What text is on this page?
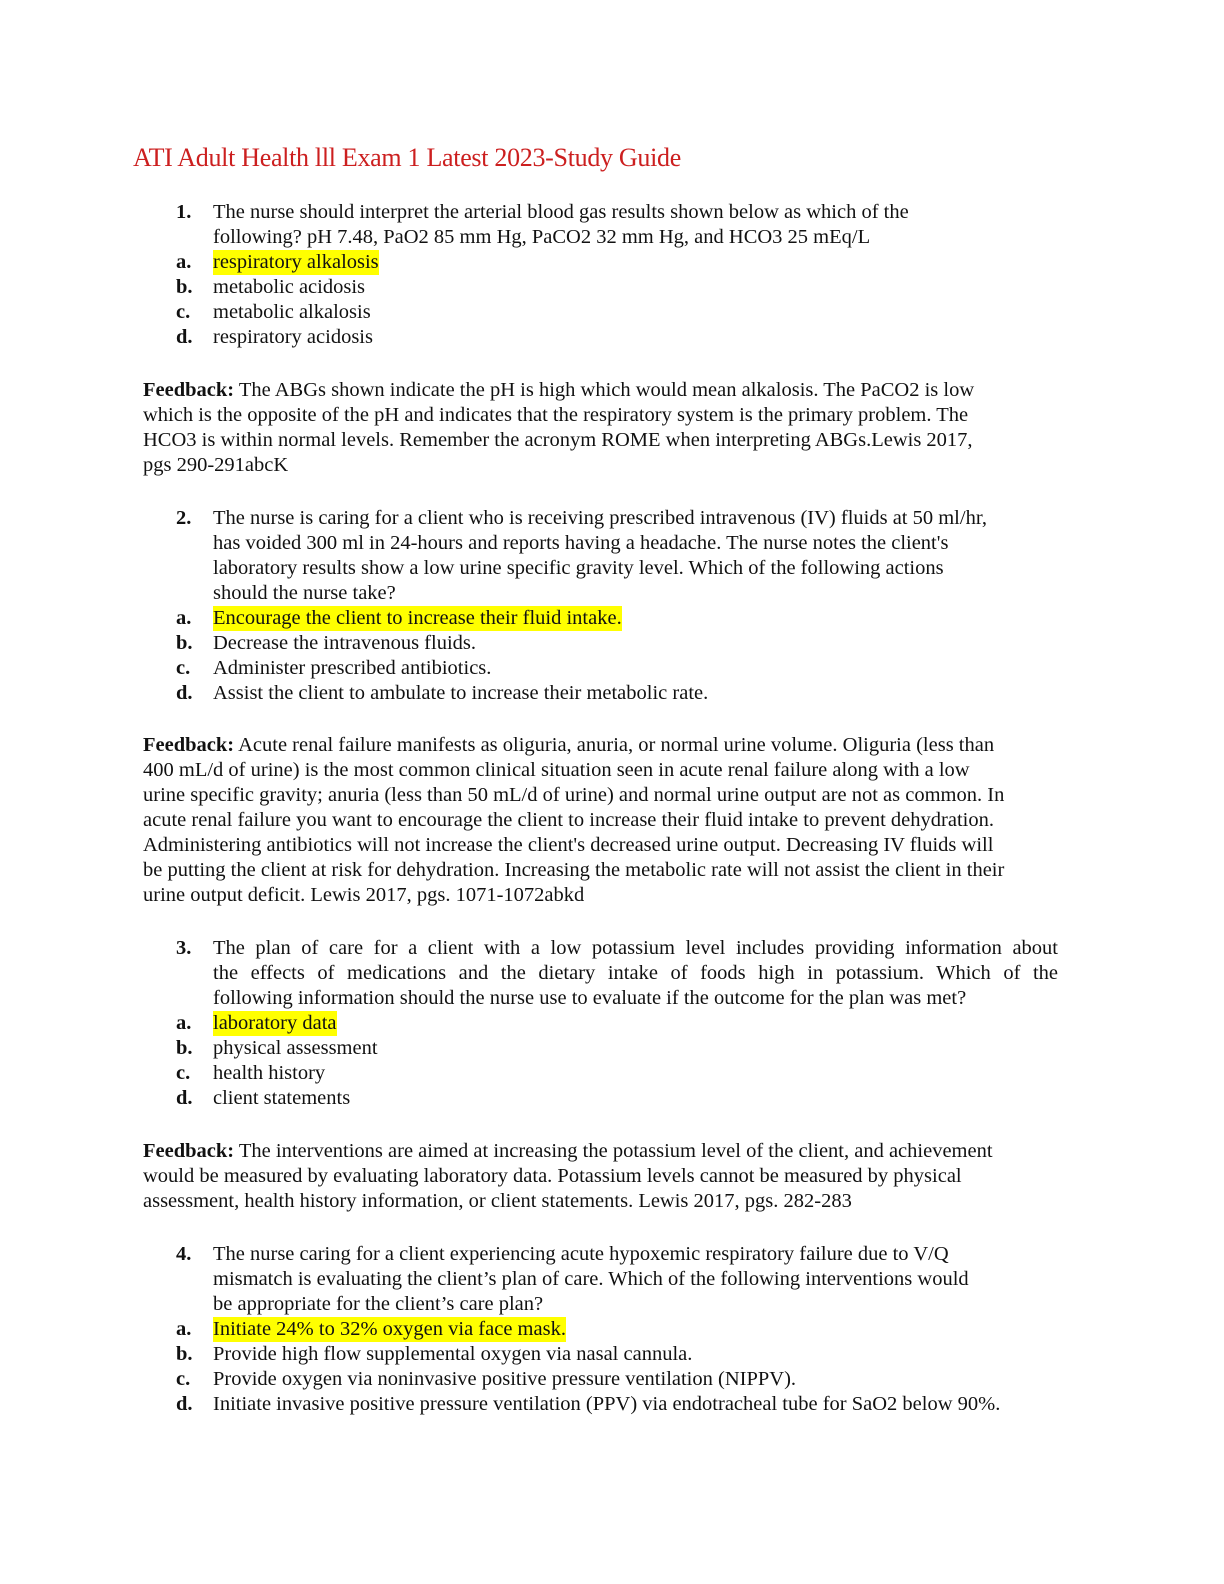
ATI Adult Health lll Exam 1 Latest 2023-Study Guide
1.	The nurse should interpret the arterial blood gas results shown below as which of the
following? pH 7.48, PaO2 85 mm Hg, PaCO2 32 mm Hg, and HCO3 25 mEq/L
a.	respiratory alkalosis
b. metabolic acidosis
c.	metabolic alkalosis
d. respiratory acidosis
Feedback: The ABGs shown indicate the pH is high which would mean alkalosis. The PaCO2 is low
which is the opposite of the pH and indicates that the respiratory system is the primary problem. The
HCO3 is within normal levels. Remember the acronym ROME when interpreting ABGs.Lewis 2017,
pgs 290-291abcK
2.	The nurse is caring for a client who is receiving prescribed intravenous (IV) fluids at 50 ml/hr,
has voided 300 ml in 24-hours and reports having a headache. The nurse notes the client's
laboratory results show a low urine specific gravity level. Which of the following actions
should the nurse take?
a.	Encourage the client to increase their fluid intake.
b. Decrease the intravenous fluids.
c.	Administer prescribed antibiotics.
d. Assist the client to ambulate to increase their metabolic rate.
Feedback: Acute renal failure manifests as oliguria, anuria, or normal urine volume. Oliguria (less than
400 mL/d of urine) is the most common clinical situation seen in acute renal failure along with a low
urine specific gravity; anuria (less than 50 mL/d of urine) and normal urine output are not as common. In
acute renal failure you want to encourage the client to increase their fluid intake to prevent dehydration.
Administering antibiotics will not increase the client's decreased urine output. Decreasing IV fluids will
be putting the client at risk for dehydration. Increasing the metabolic rate will not assist the client in their
urine output deficit. Lewis 2017, pgs. 1071-1072abkd
3.	The plan of care for a client with a low potassium level includes providing information about
the effects of medications and the dietary intake of foods high in potassium. Which of the
following information should the nurse use to evaluate if the outcome for the plan was met?
a.	laboratory data
b. physical assessment
c.	health history
d. client statements
Feedback: The interventions are aimed at increasing the potassium level of the client, and achievement
would be measured by evaluating laboratory data. Potassium levels cannot be measured by physical
assessment, health history information, or client statements. Lewis 2017, pgs. 282-283
4.	The nurse caring for a client experiencing acute hypoxemic respiratory failure due to V/Q
mismatch is evaluating the client’s plan of care. Which of the following interventions would
be appropriate for the client’s care plan?
a.	Initiate 24% to 32% oxygen via face mask.
b. Provide high flow supplemental oxygen via nasal cannula.
c.	Provide oxygen via noninvasive positive pressure ventilation (NIPPV).
d. Initiate invasive positive pressure ventilation (PPV) via endotracheal tube for SaO2 below 90%.
